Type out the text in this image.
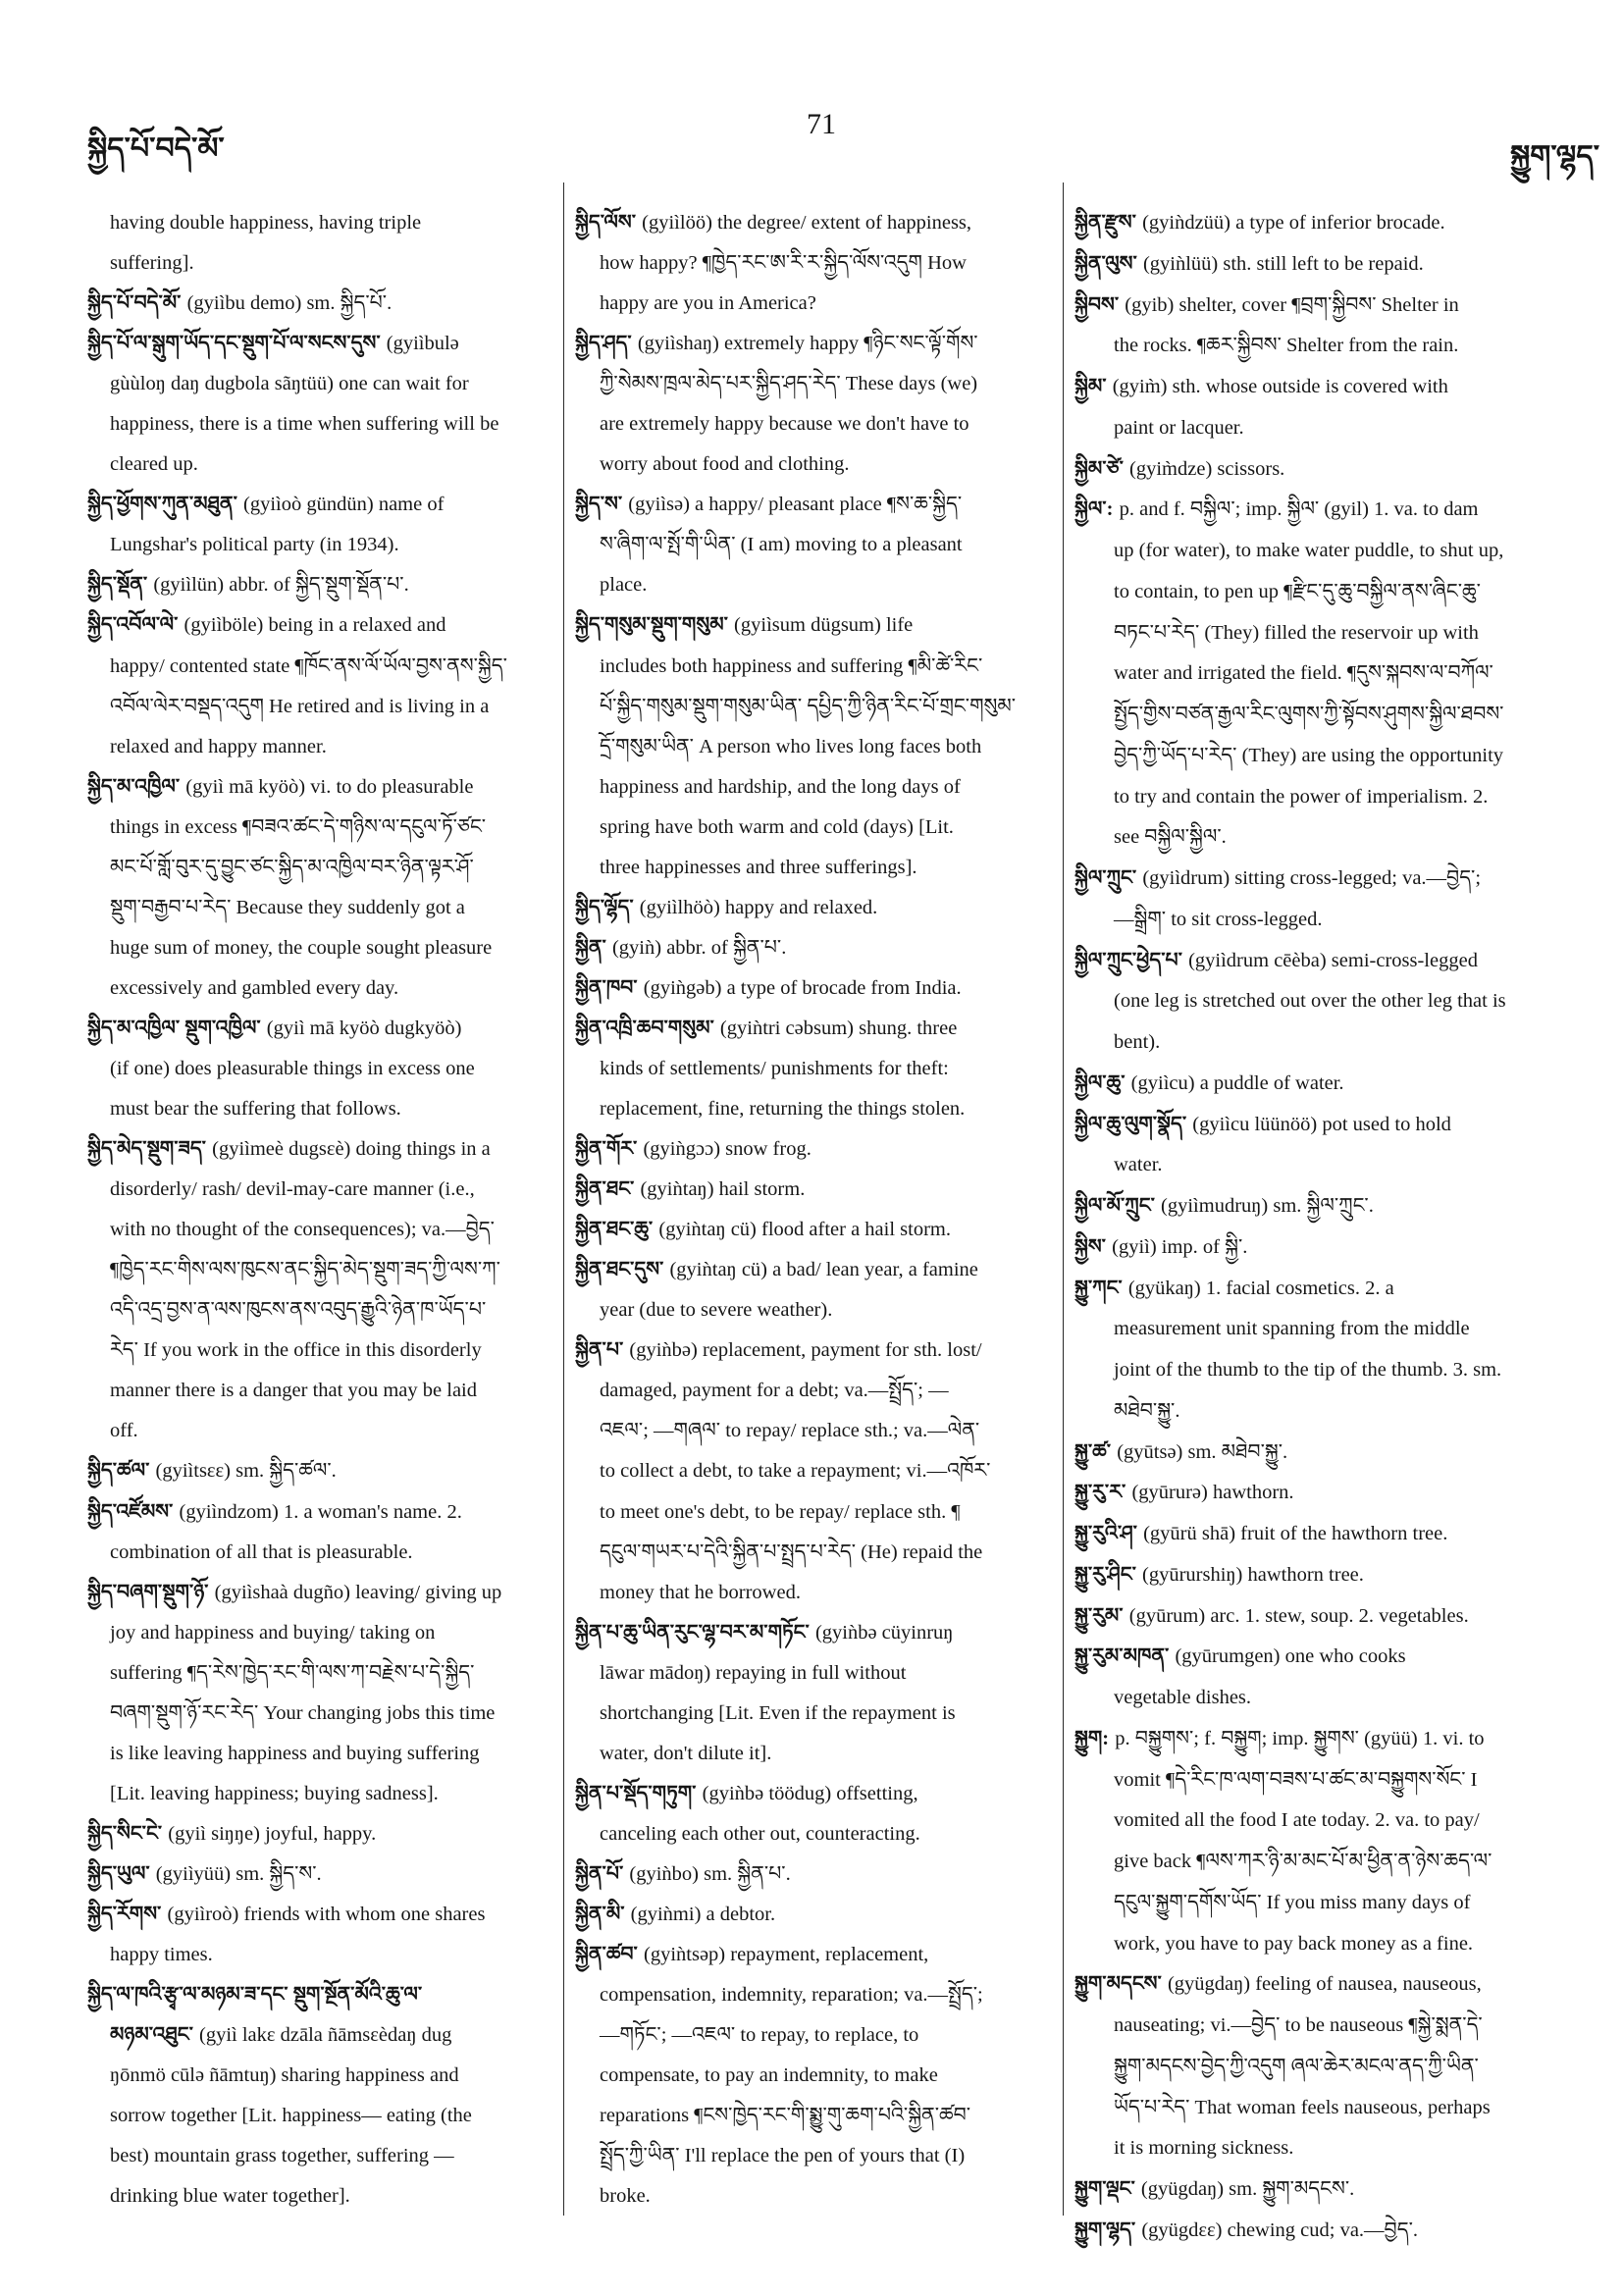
སྐྱིད་པོ་བདེ་མོ་
71
སྐྱུག་ལྷད་
having double happiness, having triple
suffering].
སྐྱིད་པོ་བདེ་མོ་ (gyiìbu demo) sm. སྐྱིད་པོ་.
སྐྱིད་པོ་ལ་སྒུག་ཡོད་དང་སྡུག་པོ་ལ་སངས་དུས་ (gyiìbulə
gùùloŋ daŋ dugbola sãŋtüü) one can wait for
happiness, there is a time when suffering will be
cleared up.
སྐྱིད་ཕྱོགས་ཀུན་མཐུན་ (gyiìoò gündün) name of
Lungshar's political party (in 1934).
སྐྱིད་སྡོན་ (gyiìlün) abbr. of སྐྱིད་སྡུག་སྡོན་པ་.
སྐྱིད་འབོལ་ལེ་ (gyiìböle) being in a relaxed and
happy/ contented state ¶ཁོང་ནས་ལོ་ཡོལ་བྱས་ནས་སྐྱིད་
འབོལ་ལེར་བསྡད་འདུག He retired and is living in a
relaxed and happy manner.
སྐྱིད་མ་འཁྱིལ་ (gyiì mā kyöò) vi. to do pleasurable
things in excess ¶བཟའ་ཚང་དེ་གཉིས་ལ་དངུལ་ཏོ་ཙང་
མང་པོ་གློ་བུར་དུ་བྱུང་ཙང་སྐྱིད་མ་འཁྱིལ་བར་ཉིན་ལྟར་ཤོ་
སྡུག་བརྒྱབ་པ་རེད་ Because they suddenly got a
huge sum of money, the couple sought pleasure
excessively and gambled every day.
སྐྱིད་མ་འཁྱིལ་ སྡུག་འཁྱིལ་ (gyiì mā kyöò dugkyöò)
(if one) does pleasurable things in excess one
must bear the suffering that follows.
སྐྱིད་མེད་སྡུག་ཟད་ (gyiìmeè dugsɛè) doing things in a
disorderly/ rash/ devil-may-care manner (i.e.,
with no thought of the consequences); va.—བྱེད་
¶ཁྱེད་རང་གིས་ལས་ཁུངས་ནང་སྐྱིད་མེད་སྡུག་ཟད་ཀྱི་ལས་ཀ་
འདི་འདྲ་བྱས་ན་ལས་ཁུངས་ནས་འབུད་རྒྱུའི་ཉེན་ཁ་ཡོད་པ་
རེད་ If you work in the office in this disorderly
manner there is a danger that you may be laid
off.
སྐྱིད་ཚལ་ (gyiìtsɛɛ) sm. སྐྱིད་ཚལ་.
སྐྱིད་འཛོམས་ (gyiìndzom) 1. a woman's name. 2.
combination of all that is pleasurable.
སྐྱིད་བཞག་སྡུག་ཉོ་ (gyiìshaà dugño) leaving/ giving up
joy and happiness and buying/ taking on
suffering ¶ད་རེས་ཁྱེད་རང་གི་ལས་ཀ་བརྗེས་པ་དེ་སྐྱིད་
བཞག་སྡུག་ཉོ་རང་རེད་ Your changing jobs this time
is like leaving happiness and buying suffering
[Lit. leaving happiness; buying sadness].
སྐྱིད་སིང་ངེ་ (gyiì siŋŋe) joyful, happy.
སྐྱིད་ཡུལ་ (gyiìyüü) sm. སྐྱིད་ས་.
སྐྱིད་རོགས་ (gyiìroò) friends with whom one shares
happy times.
སྐྱིད་ལ་ཁའི་རྩྭ་ལ་མཉམ་ཟ་དང་ སྡུག་སྔོན་མོའི་ཆུ་ལ་
མཉམ་འཐུང་ (gyiì lakɛ dzāla ñāmsɛèdaŋ dug
ŋōnmö cūlə ñāmtuŋ) sharing happiness and
sorrow together [Lit. happiness— eating (the
best) mountain grass together, suffering —
drinking blue water together].
སྐྱིད་ལོས་ (gyiìlöö) the degree/ extent of happiness,
how happy? ¶ཁྱེད་རང་ཨ་རི་ར་སྐྱིད་ལོས་འདུག How
happy are you in America?
སྐྱིད་ཤད་ (gyiìshaŋ) extremely happy ¶ཉིང་སང་ལྟོ་གོས་
ཀྱི་སེམས་ཁྲལ་མེད་པར་སྐྱིད་ཤད་རེད་ These days (we)
are extremely happy because we don't have to
worry about food and clothing.
སྐྱིད་ས་ (gyiìsə) a happy/ pleasant place ¶ས་ཆ་སྐྱིད་
ས་ཞིག་ལ་སྤོ་གི་ཡིན་ (I am) moving to a pleasant
place.
སྐྱིད་གསུམ་སྡུག་གསུམ་ (gyiìsum dügsum) life
includes both happiness and suffering ¶མི་ཚེ་རིང་
པོ་སྐྱིད་གསུམ་སྡུག་གསུམ་ཡིན་ དཔྱིད་ཀྱི་ཉིན་རིང་པོ་གྲང་གསུམ་
དྲོ་གསུམ་ཡིན་ A person who lives long faces both
happiness and hardship, and the long days of
spring have both warm and cold (days) [Lit.
three happinesses and three sufferings].
སྐྱིད་ལྷོད་ (gyiìlhöò) happy and relaxed.
སྐྱིན་ (gyiǹ) abbr. of སྐྱིན་པ་.
སྐྱིན་ཁབ་ (gyiǹgəb) a type of brocade from India.
སྐྱིན་འཁྲི་ཆབ་གསུམ་ (gyiǹtri cəbsum) shung. three
kinds of settlements/ punishments for theft:
replacement, fine, returning the things stolen.
སྐྱིན་གོར་ (gyiǹgɔɔ) snow frog.
སྐྱིན་ཐང་ (gyiǹtaŋ) hail storm.
སྐྱིན་ཐང་ཆུ་ (gyiǹtaŋ cü) flood after a hail storm.
སྐྱིན་ཐང་དུས་ (gyiǹtaŋ cü) a bad/ lean year, a famine
year (due to severe weather).
སྐྱིན་པ་ (gyiǹbə) replacement, payment for sth. lost/
damaged, payment for a debt; va.—སྤྲོད་; —
འཇལ་; —གཞལ་ to repay/ replace sth.; va.—ལེན་
to collect a debt, to take a repayment; vi.—འཁོར་
to meet one's debt, to be repay/ replace sth. ¶
དངུལ་གཡར་པ་དེའི་སྐྱིན་པ་སྤྲད་པ་རེད་ (He) repaid the
money that he borrowed.
སྐྱིན་པ་ཆུ་ཡིན་རུང་ལྷ་བར་མ་གཏོང་ (gyiǹbə cüyinruŋ
lāwar mādoŋ) repaying in full without
shortchanging [Lit. Even if the repayment is
water, don't dilute it].
སྐྱིན་པ་སྡོད་གཏུག་ (gyiǹbə töödug) offsetting,
canceling each other out, counteracting.
སྐྱིན་པོ་ (gyiǹbo) sm. སྐྱིན་པ་.
སྐྱིན་མི་ (gyiǹmi) a debtor.
སྐྱིན་ཚབ་ (gyiǹtsəp) repayment, replacement,
compensation, indemnity, reparation; va.—སྤྲོད་;
—གཏོང་; —འཇལ་ to repay, to replace, to
compensate, to pay an indemnity, to make
reparations ¶ངས་ཁྱེད་རང་གི་སྨྱུ་གུ་ཆག་པའི་སྐྱིན་ཚབ་
སྤྲོད་ཀྱི་ཡིན་ I'll replace the pen of yours that (I)
broke.
སྐྱིན་རྫུས་ (gyiǹdzüü) a type of inferior brocade.
སྐྱིན་ལུས་ (gyiǹlüü) sth. still left to be repaid.
སྐྱིབས་ (gyib) shelter, cover ¶བྲག་སྐྱིབས་ Shelter in
the rocks. ¶ཆར་སྐྱིབས་ Shelter from the rain.
སྐྱིམ་ (gyim̀) sth. whose outside is covered with
paint or lacquer.
སྐྱིམ་ཙེ་ (gyim̀dze) scissors.
སྐྱིལ་: p. and f. བསྐྱིལ་; imp. སྐྱིལ་ (gyil) 1. va. to dam
up (for water), to make water puddle, to shut up,
to contain, to pen up ¶རྫིང་དུ་ཆུ་བསྐྱིལ་ནས་ཞིང་ཆུ་
བཏང་པ་རེད་ (They) filled the reservoir up with
water and irrigated the field. ¶དུས་སྐབས་ལ་བཀོལ་
སྤྱོད་གྱིས་བཙན་རྒྱལ་རིང་ལུགས་ཀྱི་སྟོབས་ཤུགས་སྐྱིལ་ཐབས་
བྱེད་ཀྱི་ཡོད་པ་རེད་ (They) are using the opportunity
to try and contain the power of imperialism. 2.
see བསྐྱིལ་སྐྱིལ་.
སྐྱིལ་ཀྲུང་ (gyiìdrum) sitting cross-legged; va.—བྱེད་;
—སྒྲིག་ to sit cross-legged.
སྐྱིལ་ཀྲུང་ཕྱེད་པ་ (gyiìdrum cēèba) semi-cross-legged
(one leg is stretched out over the other leg that is
bent).
སྐྱིལ་ཆུ་ (gyiìcu) a puddle of water.
སྐྱིལ་ཆུ་ལུག་སྣོད་ (gyiìcu lüünöö) pot used to hold
water.
སྐྱིལ་མོ་ཀྲུང་ (gyiìmudruŋ) sm. སྐྱིལ་ཀྲུང་.
སྐྱིས་ (gyiì) imp. of སྐྱི་.
སྐྱུ་ཀང་ (gyükaŋ) 1. facial cosmetics. 2. a
measurement unit spanning from the middle
joint of the thumb to the tip of the thumb. 3. sm.
མཐེབ་སྐྱུ་.
སྐྱུ་ཚ་ (gyūtsə) sm. མཐེབ་སྐྱུ་.
སྐྱུ་རུ་ར་ (gyūrurə) hawthorn.
སྐྱུ་རུའི་ཤ་ (gyūrü shā) fruit of the hawthorn tree.
སྐྱུ་རུ་ཤིང་ (gyūrurshiŋ) hawthorn tree.
སྐྱུ་རུམ་ (gyūrum) arc. 1. stew, soup. 2. vegetables.
སྐྱུ་རུམ་མཁན་ (gyūrumgen) one who cooks
vegetable dishes.
སྐྱུག: p. བསྐྱུགས་; f. བསྐྱུག; imp. སྐྱུགས་ (gyüü) 1. vi. to
vomit ¶དེ་རིང་ཁ་ལག་བཟས་པ་ཚང་མ་བསྐྱུགས་སོང་ I
vomited all the food I ate today. 2. va. to pay/
give back ¶ལས་ཀར་ཉི་མ་མང་པོ་མ་ཕྱིན་ན་ཉེས་ཆད་ལ་
དངུལ་སྐྱུག་དགོས་ཡོད་ If you miss many days of
work, you have to pay back money as a fine.
སྐྱུག་མདངས་ (gyügdaŋ) feeling of nausea, nauseous,
nauseating; vi.—བྱེད་ to be nauseous ¶སྐྱེ་སྨན་དེ་
སྐྱུག་མདངས་བྱེད་ཀྱི་འདུག ཞལ་ཆེར་མངལ་ནད་ཀྱི་ཡིན་
ཡོད་པ་རེད་ That woman feels nauseous, perhaps
it is morning sickness.
སྐྱུག་ལྡང་ (gyügdaŋ) sm. སྐྱུག་མདངས་.
སྐྱུག་ལྷད་ (gyügdɛɛ) chewing cud; va.—བྱེད་.
